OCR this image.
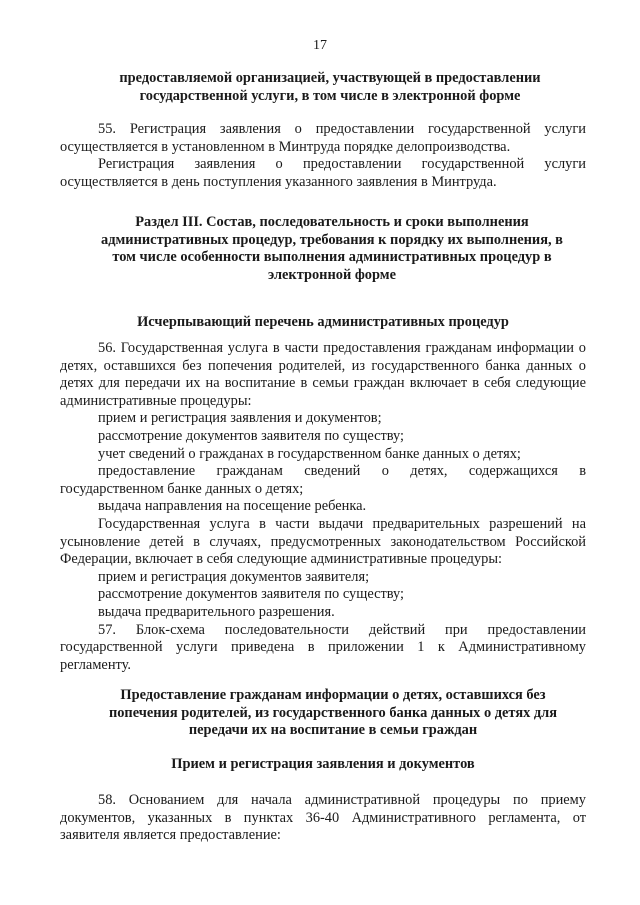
17
предоставляемой организацией, участвующей в предоставлении государственной услуги, в том числе в электронной форме

55. Регистрация заявления о предоставлении государственной услуги осуществляется в установленном в Минтруда порядке делопроизводства.

Регистрация заявления о предоставлении государственной услуги осуществляется в день поступления указанного заявления в Минтруда.

Раздел III. Состав, последовательность и сроки выполнения административных процедур, требования к порядку их выполнения, в том числе особенности выполнения административных процедур в электронной форме
Исчерпывающий перечень административных процедур

56. Государственная услуга в части предоставления гражданам информации о детях, оставшихся без попечения родителей, из государственного банка данных о детях для передачи их на воспитание в семьи граждан включает в себя следующие административные процедуры:

прием и регистрация заявления и документов;

рассмотрение документов заявителя по существу;

учет сведений о гражданах в государственном банке данных о детях;

предоставление гражданам сведений о детях, содержащихся в государственном банке данных о детях;

выдача направления на посещение ребенка.

Государственная услуга в части выдачи предварительных разрешений на усыновление детей в случаях, предусмотренных законодательством Российской Федерации, включает в себя следующие административные процедуры:

прием и регистрация документов заявителя;

рассмотрение документов заявителя по существу;

выдача предварительного разрешения.

57. Блок-схема последовательности действий при предоставлении государственной услуги приведена в приложении 1 к Административному регламенту.

Предоставление гражданам информации о детях, оставшихся без попечения родителей, из государственного банка данных о детях для передачи их на воспитание в семьи граждан
Прием и регистрация заявления и документов

58. Основанием для начала административной процедуры по приему документов, указанных в пунктах 36-40 Административного регламента, от заявителя является предоставление:
